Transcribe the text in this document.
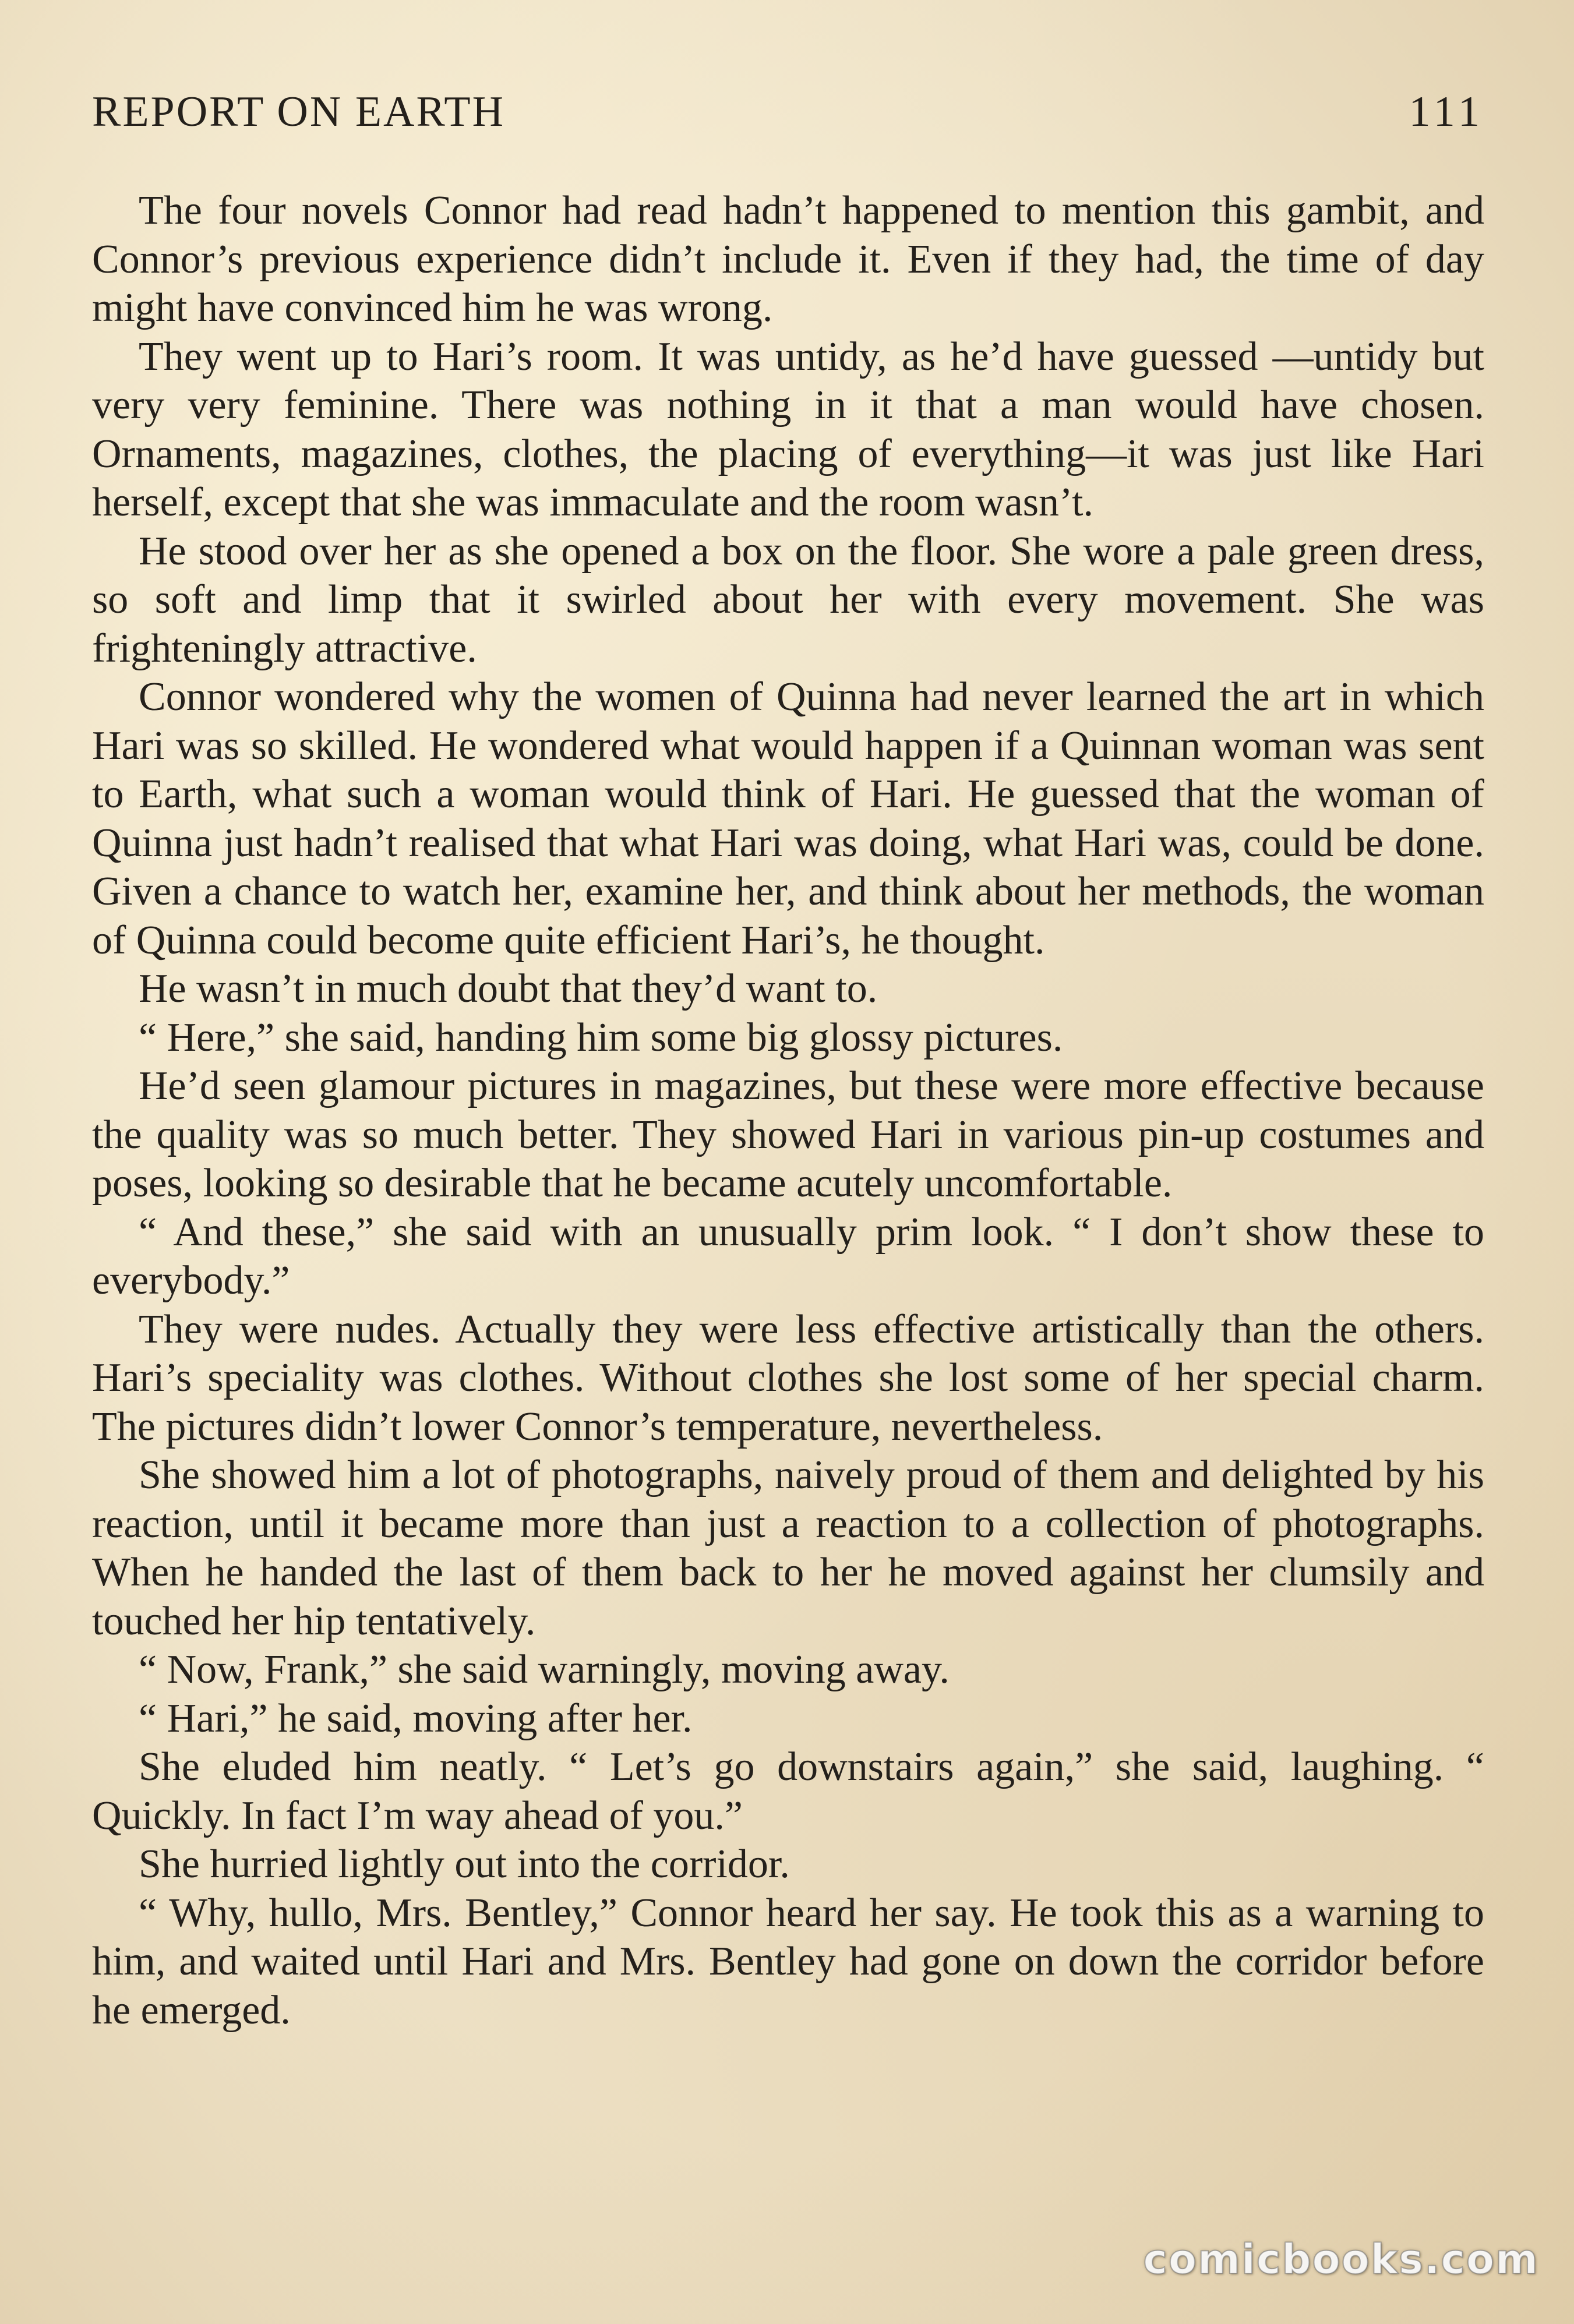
REPORT ON EARTH	111

The four novels Connor had read hadn’t happened to mention this gambit, and Connor’s previous experience didn’t include it. Even if they had, the time of day might have convinced him he was wrong.

They went up to Hari’s room. It was untidy, as he’d have guessed —untidy but very very feminine. There was nothing in it that a man would have chosen. Ornaments, magazines, clothes, the placing of everything—it was just like Hari herself, except that she was immaculate and the room wasn’t.

He stood over her as she opened a box on the floor. She wore a pale green dress, so soft and limp that it swirled about her with every movement. She was frighteningly attractive.

Connor wondered why the women of Quinna had never learned the art in which Hari was so skilled. He wondered what would happen if a Quinnan woman was sent to Earth, what such a woman would think of Hari. He guessed that the woman of Quinna just hadn’t realised that what Hari was doing, what Hari was, could be done. Given a chance to watch her, examine her, and think about her methods, the woman of Quinna could become quite efficient Hari’s, he thought.

He wasn’t in much doubt that they’d want to.

“ Here,” she said, handing him some big glossy pictures.

He’d seen glamour pictures in magazines, but these were more effective because the quality was so much better. They showed Hari in various pin-up costumes and poses, looking so desirable that he became acutely uncomfortable.

“ And these,” she said with an unusually prim look. “ I don’t show these to everybody.”

They were nudes. Actually they were less effective artistically than the others. Hari’s speciality was clothes. Without clothes she lost some of her special charm. The pictures didn’t lower Connor’s temperature, nevertheless.

She showed him a lot of photographs, naively proud of them and delighted by his reaction, until it became more than just a reaction to a collection of photographs. When he handed the last of them back to her he moved against her clumsily and touched her hip tentatively.

“ Now, Frank,” she said warningly, moving away.

“ Hari,” he said, moving after her.

She eluded him neatly. “ Let’s go downstairs again,” she said, laughing. “ Quickly. In fact I’m way ahead of you.”

She hurried lightly out into the corridor.

“ Why, hullo, Mrs. Bentley,” Connor heard her say. He took this as a warning to him, and waited until Hari and Mrs. Bentley had gone on down the corridor before he emerged.

comicbooks.com
